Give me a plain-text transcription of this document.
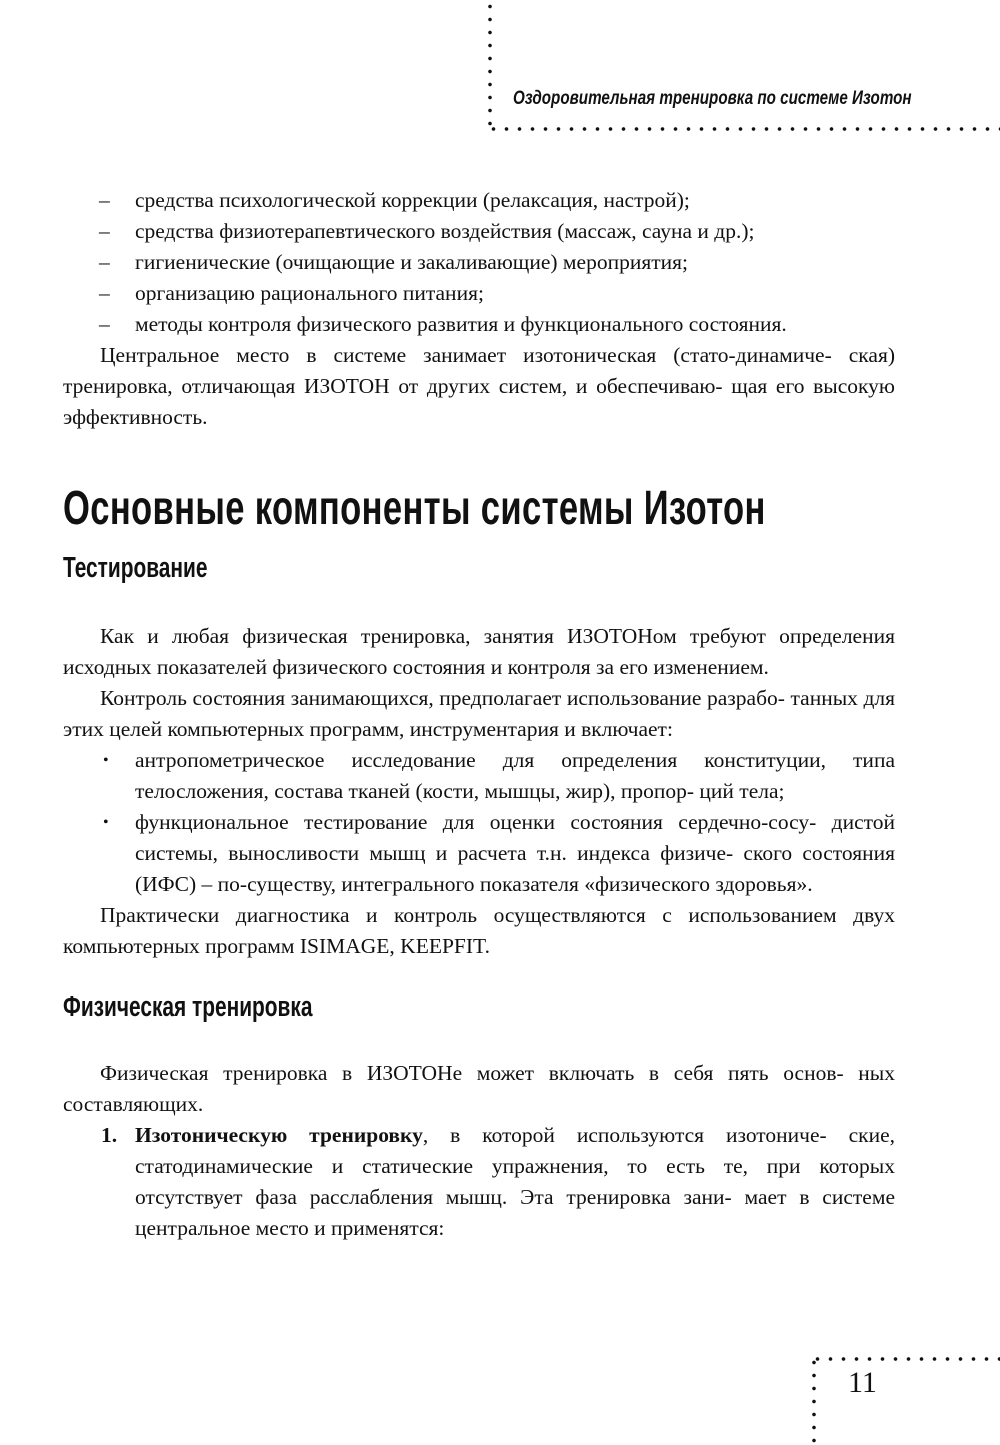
Оздоровительная тренировка по системе Изотон
– средства психологической коррекции (релаксация, настрой);
– средства физиотерапевтического воздействия (массаж, сауна и др.);
– гигиенические (очищающие и закаливающие) мероприятия;
– организацию рационального питания;
– методы контроля физического развития и функционального состояния.

Центральное место в системе занимает изотоническая (стато-динамиче- ская) тренировка, отличающая ИЗОТОН от других систем, и обеспечиваю- щая его высокую эффективность.

Основные компоненты системы Изотон
Тестирование

Как и любая физическая тренировка, занятия ИЗОТОНом требуют определения исходных показателей физического состояния и контроля за его изменением.

Контроль состояния занимающихся, предполагает использование разрабо- танных для этих целей компьютерных программ, инструментария и включает:

• антропометрическое исследование для определения конституции, типа телосложения, состава тканей (кости, мышцы, жир), пропор- ций тела;
• функциональное тестирование для оценки состояния сердечно-сосу- дистой системы, выносливости мышц и расчета т.н. индекса физиче- ского состояния (ИФС) – по-существу, интегрального показателя «физического здоровья».

Практически диагностика и контроль осуществляются с использованием двух компьютерных программ ISIMAGE, KEEPFIT.

Физическая тренировка

Физическая тренировка в ИЗОТОНе может включать в себя пять основ- ных составляющих.

1. Изотоническую тренировку, в которой используются изотониче- ские, статодинамические и статические упражнения, то есть те, при которых отсутствует фаза расслабления мышц. Эта тренировка зани- мает в системе центральное место и применятся:
11
